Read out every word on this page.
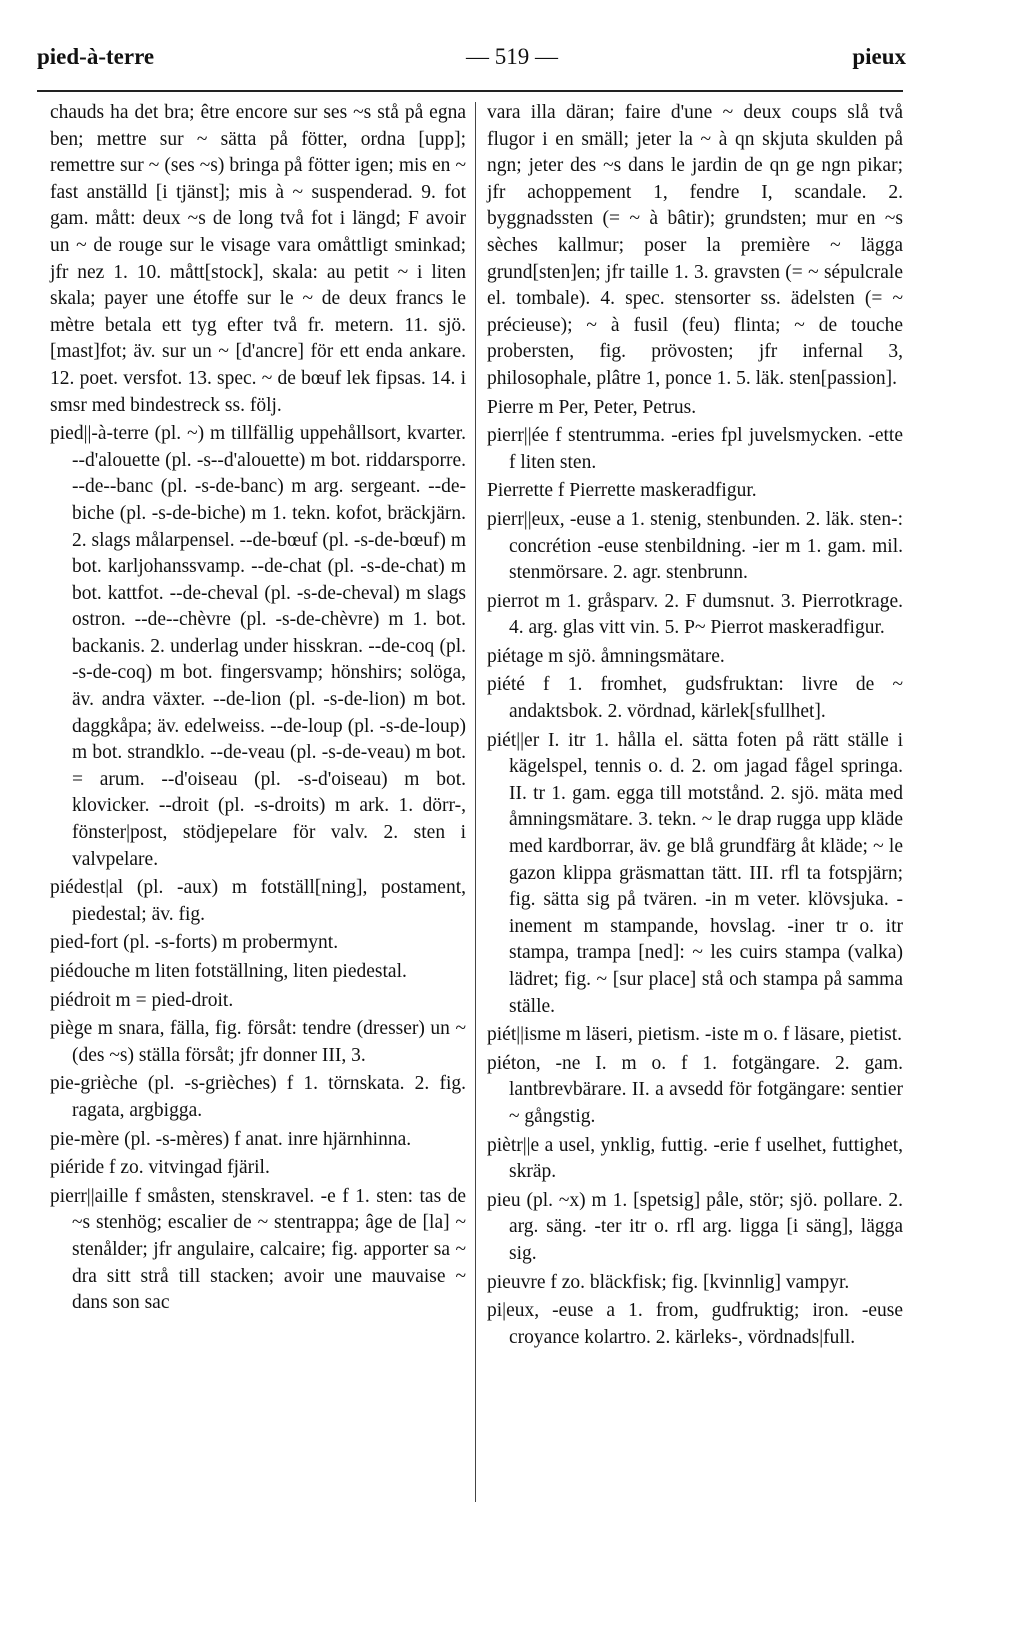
pied-à-terre	— 519 —	pieux

chauds ha det bra; être encore sur ses ~s stå på egna ben; mettre sur ~ sätta på fötter, ordna [upp]; remettre sur ~ (ses ~s) bringa på fötter igen; mis en ~ fast anställd [i tjänst]; mis à ~ suspenderad. 9. fot gam. mått: deux ~s de long två fot i längd; F avoir un ~ de rouge sur le visage vara omåttligt sminkad; jfr nez 1. 10. mått[stock], skala: au petit ~ i liten skala; payer une étoffe sur le ~ de deux francs le mètre betala ett tyg efter två fr. metern. 11. sjö. [mast]fot; äv. sur un ~ [d'ancre] för ett enda ankare. 12. poet. versfot. 13. spec. ~ de bœuf lek fipsas. 14. i smsr med bindestreck ss. följ.

pied||-à-terre (pl. ~) m tillfällig uppehållsort, kvarter. --d'alouette (pl. -s--d'alouette) m bot. riddarsporre. --de--banc (pl. -s-de-banc) m arg. sergeant. --de-biche (pl. -s-de-biche) m 1. tekn. kofot, bräckjärn. 2. slags målarpensel. --de-bœuf (pl. -s-de-bœuf) m bot. karljohanssvamp. --de-chat (pl. -s-de-chat) m bot. kattfot. --de-cheval (pl. -s-de-cheval) m slags ostron. --de--chèvre (pl. -s-de-chèvre) m 1. bot. backanis. 2. underlag under hisskran. --de-coq (pl. -s-de-coq) m bot. fingersvamp; hönshirs; solöga, äv. andra växter. --de-lion (pl. -s-de-lion) m bot. daggkåpa; äv. edelweiss. --de-loup (pl. -s-de-loup) m bot. strandklo. --de-veau (pl. -s-de-veau) m bot. = arum. --d'oiseau (pl. -s-d'oiseau) m bot. klovicker. --droit (pl. -s-droits) m ark. 1. dörr-, fönster|post, stödjepelare för valv. 2. sten i valvpelare.

piédest|al (pl. -aux) m fotställ[ning], postament, piedestal; äv. fig.

pied-fort (pl. -s-forts) m probermynt.

piédouche m liten fotställning, liten piedestal.

piédroit m = pied-droit.

piège m snara, fälla, fig. försåt: tendre (dresser) un ~ (des ~s) ställa försåt; jfr donner III, 3.

pie-grièche (pl. -s-grièches) f 1. törnskata. 2. fig. ragata, argbigga.

pie-mère (pl. -s-mères) f anat. inre hjärnhinna.

piéride f zo. vitvingad fjäril.

pierr||aille f småsten, stenskravel. -e f 1. sten: tas de ~s stenhög; escalier de ~ stentrappa; âge de [la] ~ stenålder; jfr angulaire, calcaire; fig. apporter sa ~ dra sitt strå till stacken; avoir une mauvaise ~ dans son sac

vara illa däran; faire d'une ~ deux coups slå två flugor i en smäll; jeter la ~ à qn skjuta skulden på ngn; jeter des ~s dans le jardin de qn ge ngn pikar; jfr achoppement 1, fendre I, scandale. 2. byggnadssten (= ~ à bâtir); grundsten; mur en ~s sèches kallmur; poser la première ~ lägga grund[sten]en; jfr taille 1. 3. gravsten (= ~ sépulcrale el. tombale). 4. spec. stensorter ss. ädelsten (= ~ précieuse); ~ à fusil (feu) flinta; ~ de touche probersten, fig. prövosten; jfr infernal 3, philosophale, plâtre 1, ponce 1. 5. läk. sten[passion].

Pierre m Per, Peter, Petrus.

pierr||ée f stentrumma. -eries fpl juvelsmycken. -ette f liten sten.

Pierrette f Pierrette maskeradfigur.

pierr||eux, -euse a 1. stenig, stenbunden. 2. läk. sten-: concrétion -euse stenbildning. -ier m 1. gam. mil. stenmörsare. 2. agr. stenbrunn.

pierrot m 1. gråsparv. 2. F dumsnut. 3. Pierrotkrage. 4. arg. glas vitt vin. 5. P~ Pierrot maskeradfigur.

piétage m sjö. åmningsmätare.

piété f 1. fromhet, gudsfruktan: livre de ~ andaktsbok. 2. vördnad, kärlek[sfullhet].

piét||er I. itr 1. hålla el. sätta foten på rätt ställe i kägelspel, tennis o. d. 2. om jagad fågel springa. II. tr 1. gam. egga till motstånd. 2. sjö. mäta med åmningsmätare. 3. tekn. ~ le drap rugga upp kläde med kardborrar, äv. ge blå grundfärg åt kläde; ~ le gazon klippa gräsmattan tätt. III. rfl ta fotspjärn; fig. sätta sig på tvären. -in m veter. klövsjuka. -inement m stampande, hovslag. -iner tr o. itr stampa, trampa [ned]: ~ les cuirs stampa (valka) lädret; fig. ~ [sur place] stå och stampa på samma ställe.

piét||isme m läseri, pietism. -iste m o. f läsare, pietist.

piéton, -ne I. m o. f 1. fotgängare. 2. gam. lantbrevbärare. II. a avsedd för fotgängare: sentier ~ gångstig.

piètr||e a usel, ynklig, futtig. -erie f uselhet, futtighet, skräp.

pieu (pl. ~x) m 1. [spetsig] påle, stör; sjö. pollare. 2. arg. säng. -ter itr o. rfl arg. ligga [i säng], lägga sig.

pieuvre f zo. bläckfisk; fig. [kvinnlig] vampyr.

pi|eux, -euse a 1. from, gudfruktig; iron. -euse croyance kolartro. 2. kärleks-, vördnads|full.
